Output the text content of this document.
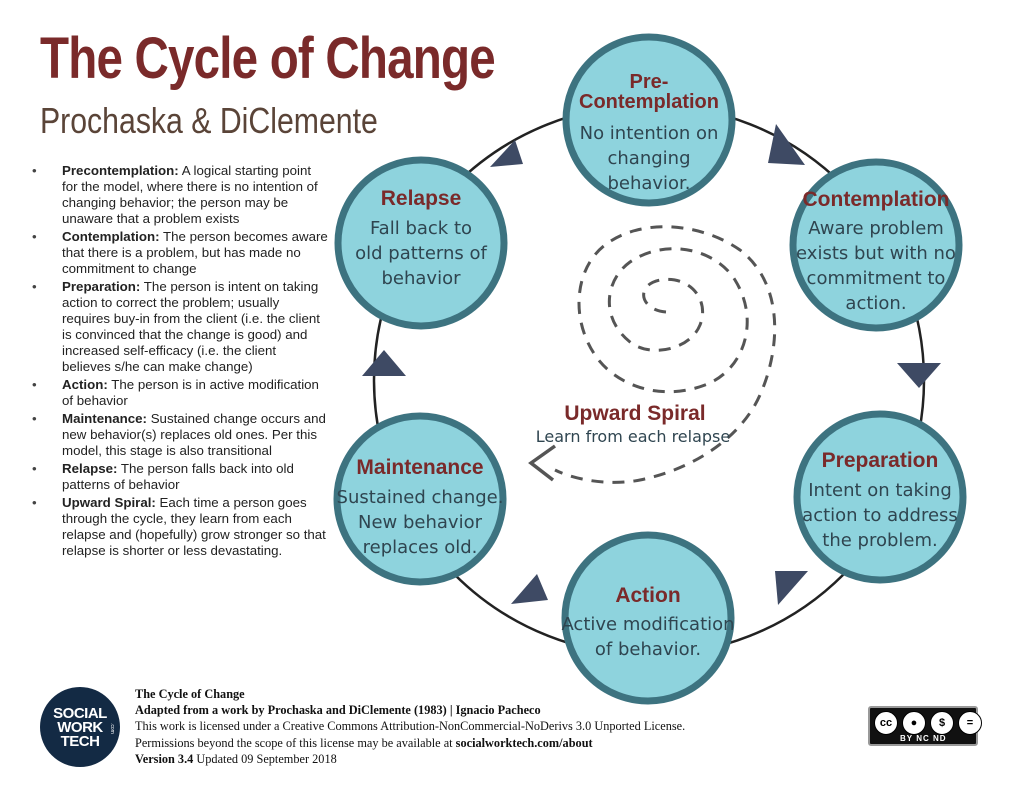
The Cycle of Change
Prochaska & DiClemente
• Precontemplation: A logical starting point for the model, where there is no intention of changing behavior; the person may be unaware that a problem exists
• Contemplation: The person becomes aware that there is a problem, but has made no commitment to change
• Preparation: The person is intent on taking action to correct the problem; usually requires buy-in from the client (i.e. the client is convinced that the change is good) and increased self-efficacy (i.e. the client believes s/he can make change)
• Action: The person is in active modification of behavior
• Maintenance: Sustained change occurs and new behavior(s) replaces old ones. Per this model, this stage is also transitional
• Relapse: The person falls back into old patterns of behavior
• Upward Spiral: Each time a person goes through the cycle, they learn from each relapse and (hopefully) grow stronger so that relapse is shorter or less devastating.
Upward Spiral
Learn from each relapse
Pre-
Contemplation
No intention on
changing
behavior.
Contemplation
Aware problem
exists but with no
commitment to
action.
Preparation
Intent on taking
action to address
the problem.
Action
Active modification
of behavior.
Maintenance
Sustained change.
New behavior
replaces old.
Relapse
Fall back to
old patterns of
behavior
SOCIAL
WORK
TECH
.com
The Cycle of Change
Adapted from a work by Prochaska and DiClemente (1983) | Ignacio Pacheco
This work is licensed under a Creative Commons Attribution-NonCommercial-NoDerivs 3.0 Unported License.
Permissions beyond the scope of this license may be available at socialworktech.com/about
Version 3.4 Updated 09 September 2018
cc	●	$	=
BY NC ND
